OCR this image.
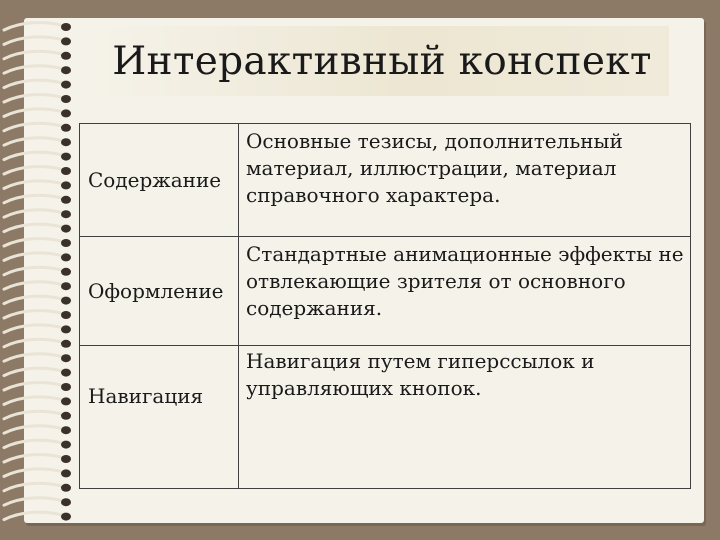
Интерактивный конспект
Содержание	Основные тезисы, дополнительный материал, иллюстрации, материал справочного характера.
Оформление	Стандартные анимационные эффекты не отвлекающие зрителя от основного содержания.
Навигация	Навигация путем гиперссылок и управляющих кнопок.
